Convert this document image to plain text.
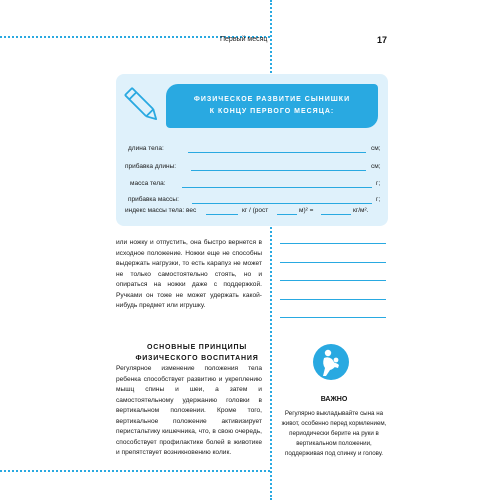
Первый месяц	17
ФИЗИЧЕСКОЕ РАЗВИТИЕ СЫНИШКИ
К КОНЦУ ПЕРВОГО МЕСЯЦА:
длина тела:	см;
прибавка длины:	см;
масса тела:	г;
прибавка массы:	г;
индекс массы тела: вес	кг / (рост	м)² =	кг/м².

или ножку и отпустить, она быстро вернется в исходное положение. Ножки еще не способны выдержать нагрузки, то есть карапуз не может не только самостоятельно стоять, но и опираться на ножки даже с поддержкой. Ручками он тоже не может удержать какой-нибудь предмет или игрушку.

ОСНОВНЫЕ ПРИНЦИПЫ
ФИЗИЧЕСКОГО ВОСПИТАНИЯ

Регулярное изменение положения тела ребенка способствует развитию и укреплению мышц спины и шеи, а затем и самостоятельному удержанию головки в вертикальном положении. Кроме того, вертикальное положение активизирует перистальтику кишечника, что, в свою очередь, способствует профилактике болей в животике и препятствует возникновению колик.

ВАЖНО
Регулярно выкладывайте сына на живот, особенно перед кормлением, периодически берите на руки в вертикальном положении, поддерживая под спинку и голову.
